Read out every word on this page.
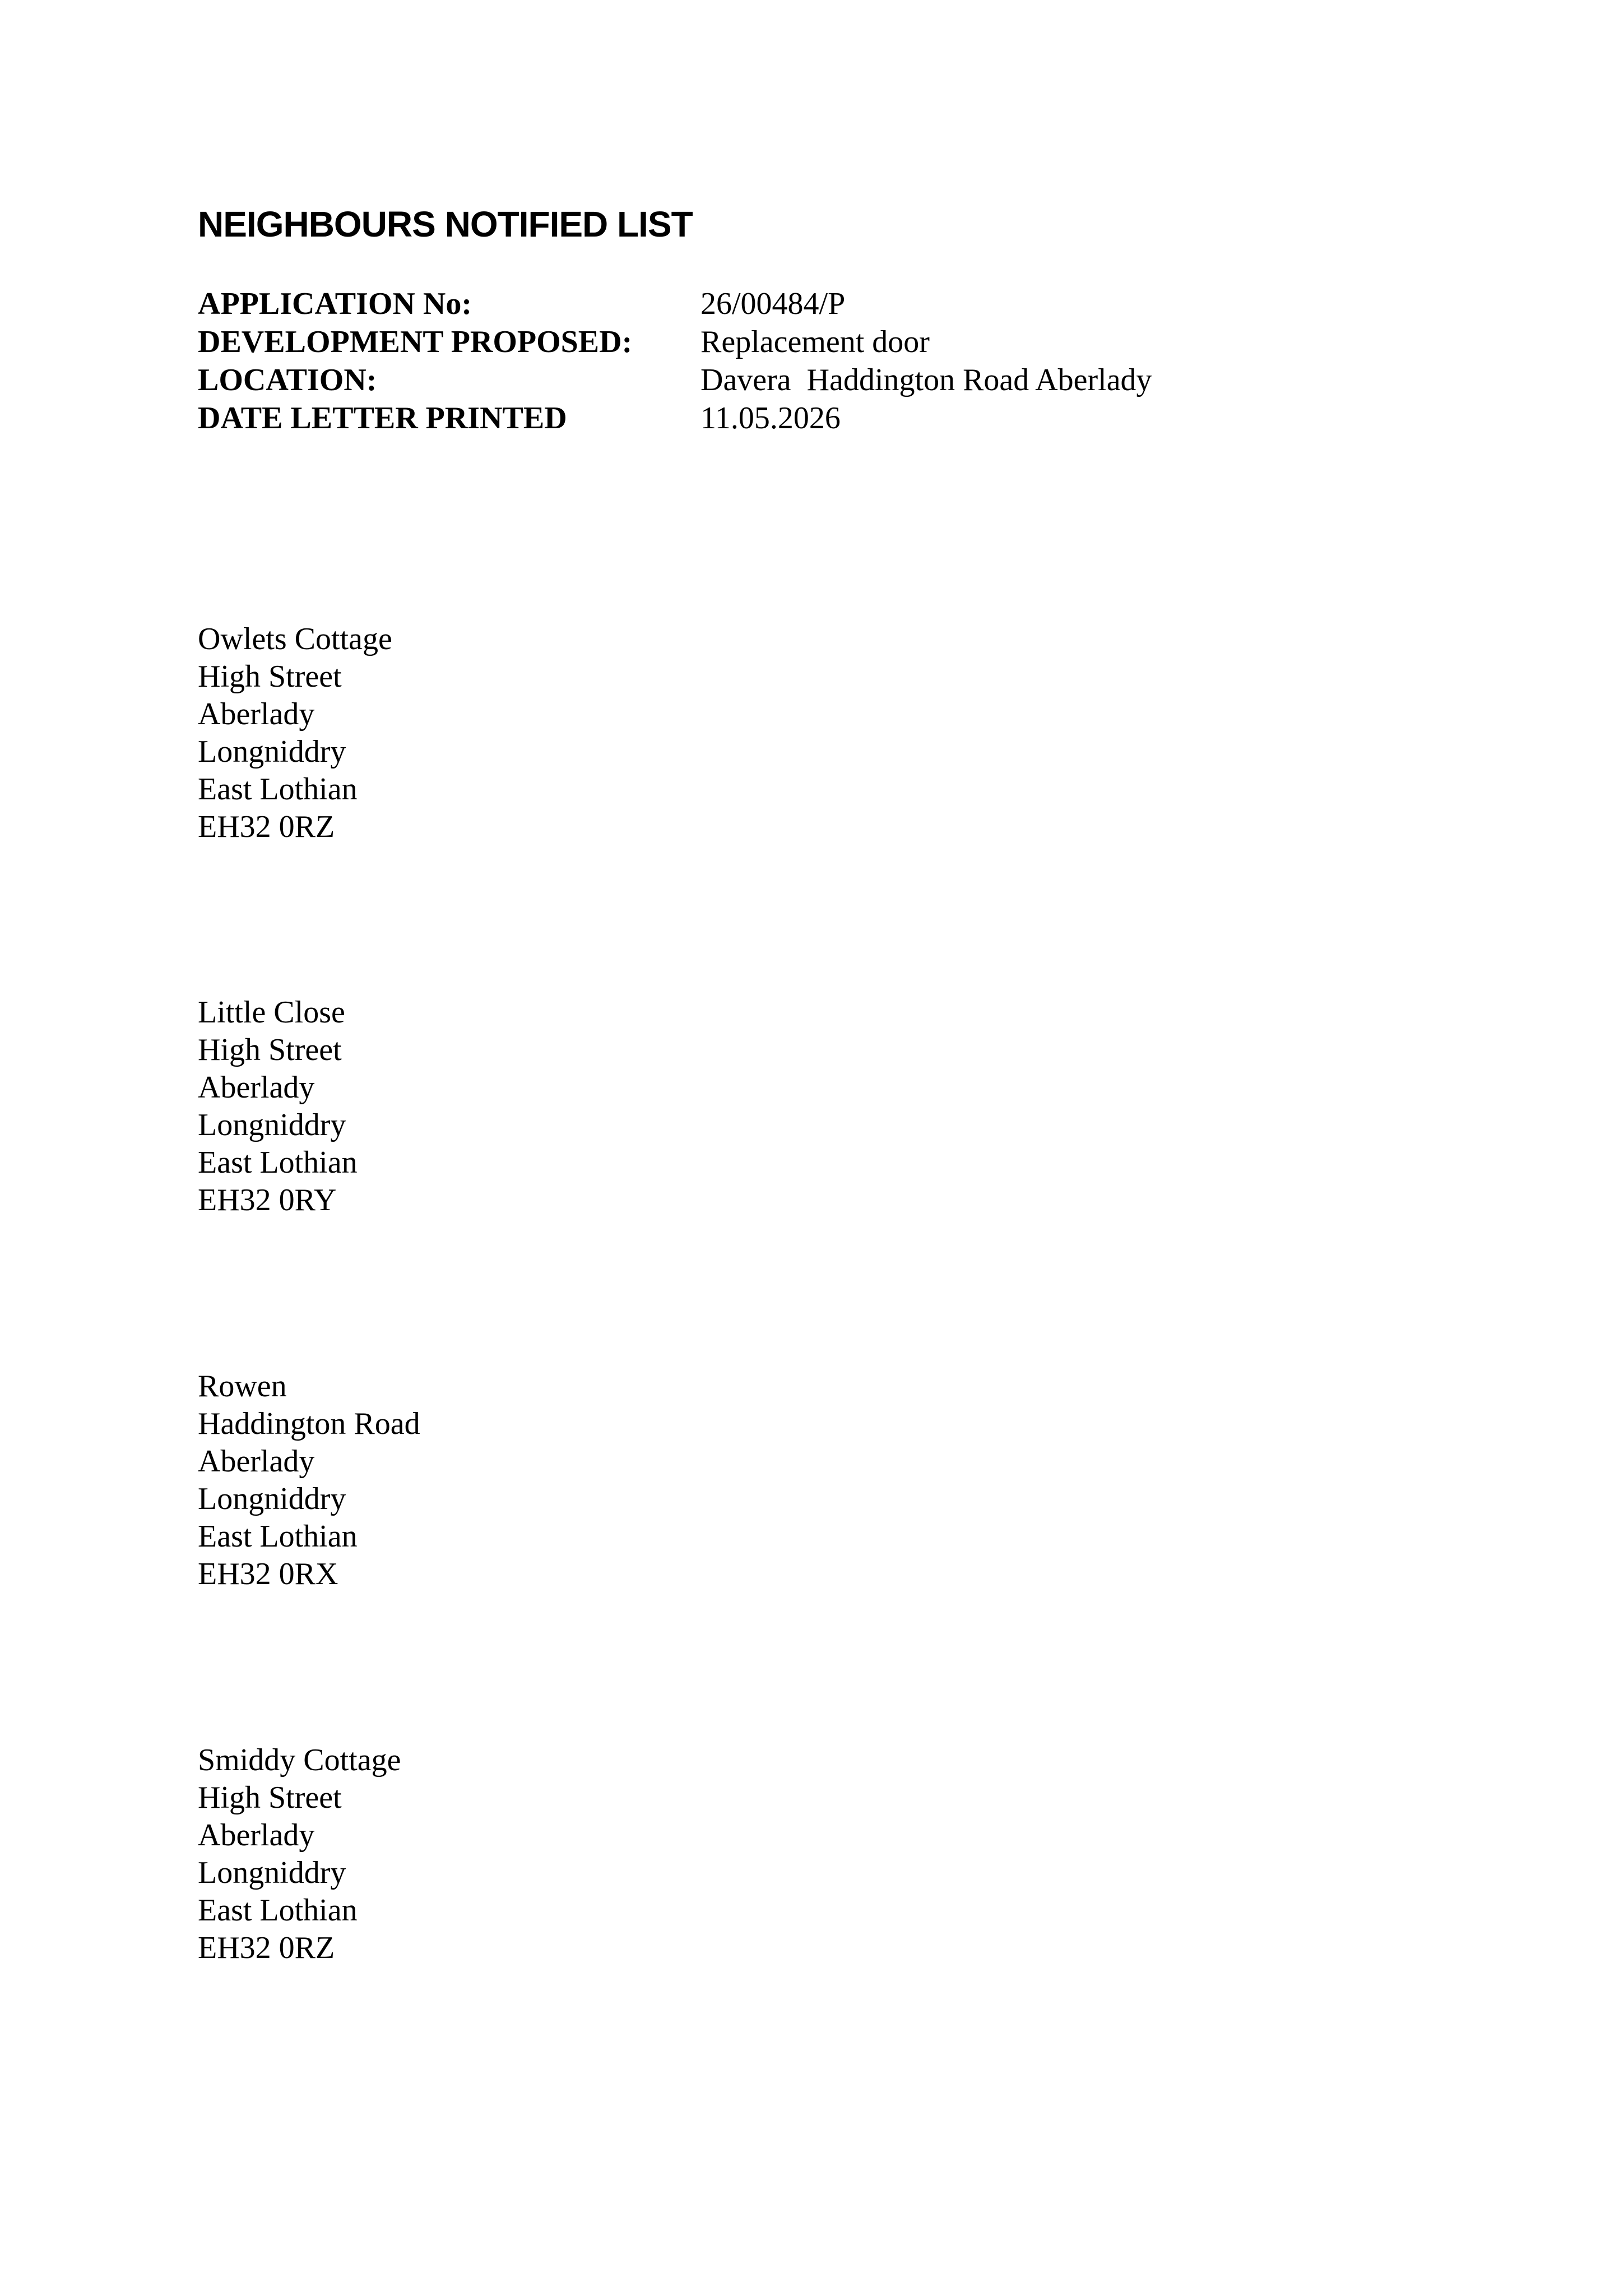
NEIGHBOURS NOTIFIED LIST
APPLICATION No:	26/00484/P
DEVELOPMENT PROPOSED:	Replacement door
LOCATION:	Davera  Haddington Road Aberlady
DATE LETTER PRINTED	11.05.2026
Owlets Cottage
High Street
Aberlady
Longniddry
East Lothian
EH32 0RZ
Little Close
High Street
Aberlady
Longniddry
East Lothian
EH32 0RY
Rowen
Haddington Road
Aberlady
Longniddry
East Lothian
EH32 0RX
Smiddy Cottage
High Street
Aberlady
Longniddry
East Lothian
EH32 0RZ
